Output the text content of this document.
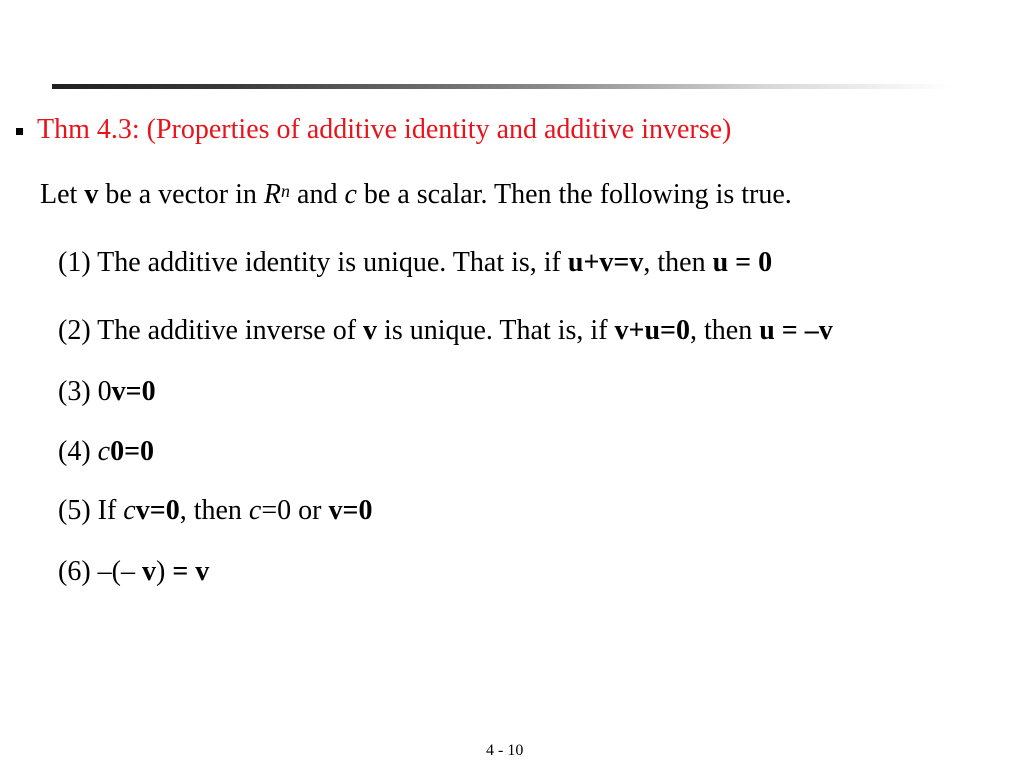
Thm 4.3: (Properties of additive identity and additive inverse)
Let v be a vector in $R^n$ and c be a scalar. Then the following is true.
(1) The additive identity is unique. That is, if u+v=v, then u = 0
(2) The additive inverse of v is unique. That is, if v+u=0, then u = –v
(3) 0v=0
(4) c0=0
(5) If cv=0, then c=0 or v=0
(6) –(– v) = v
4 - 10
